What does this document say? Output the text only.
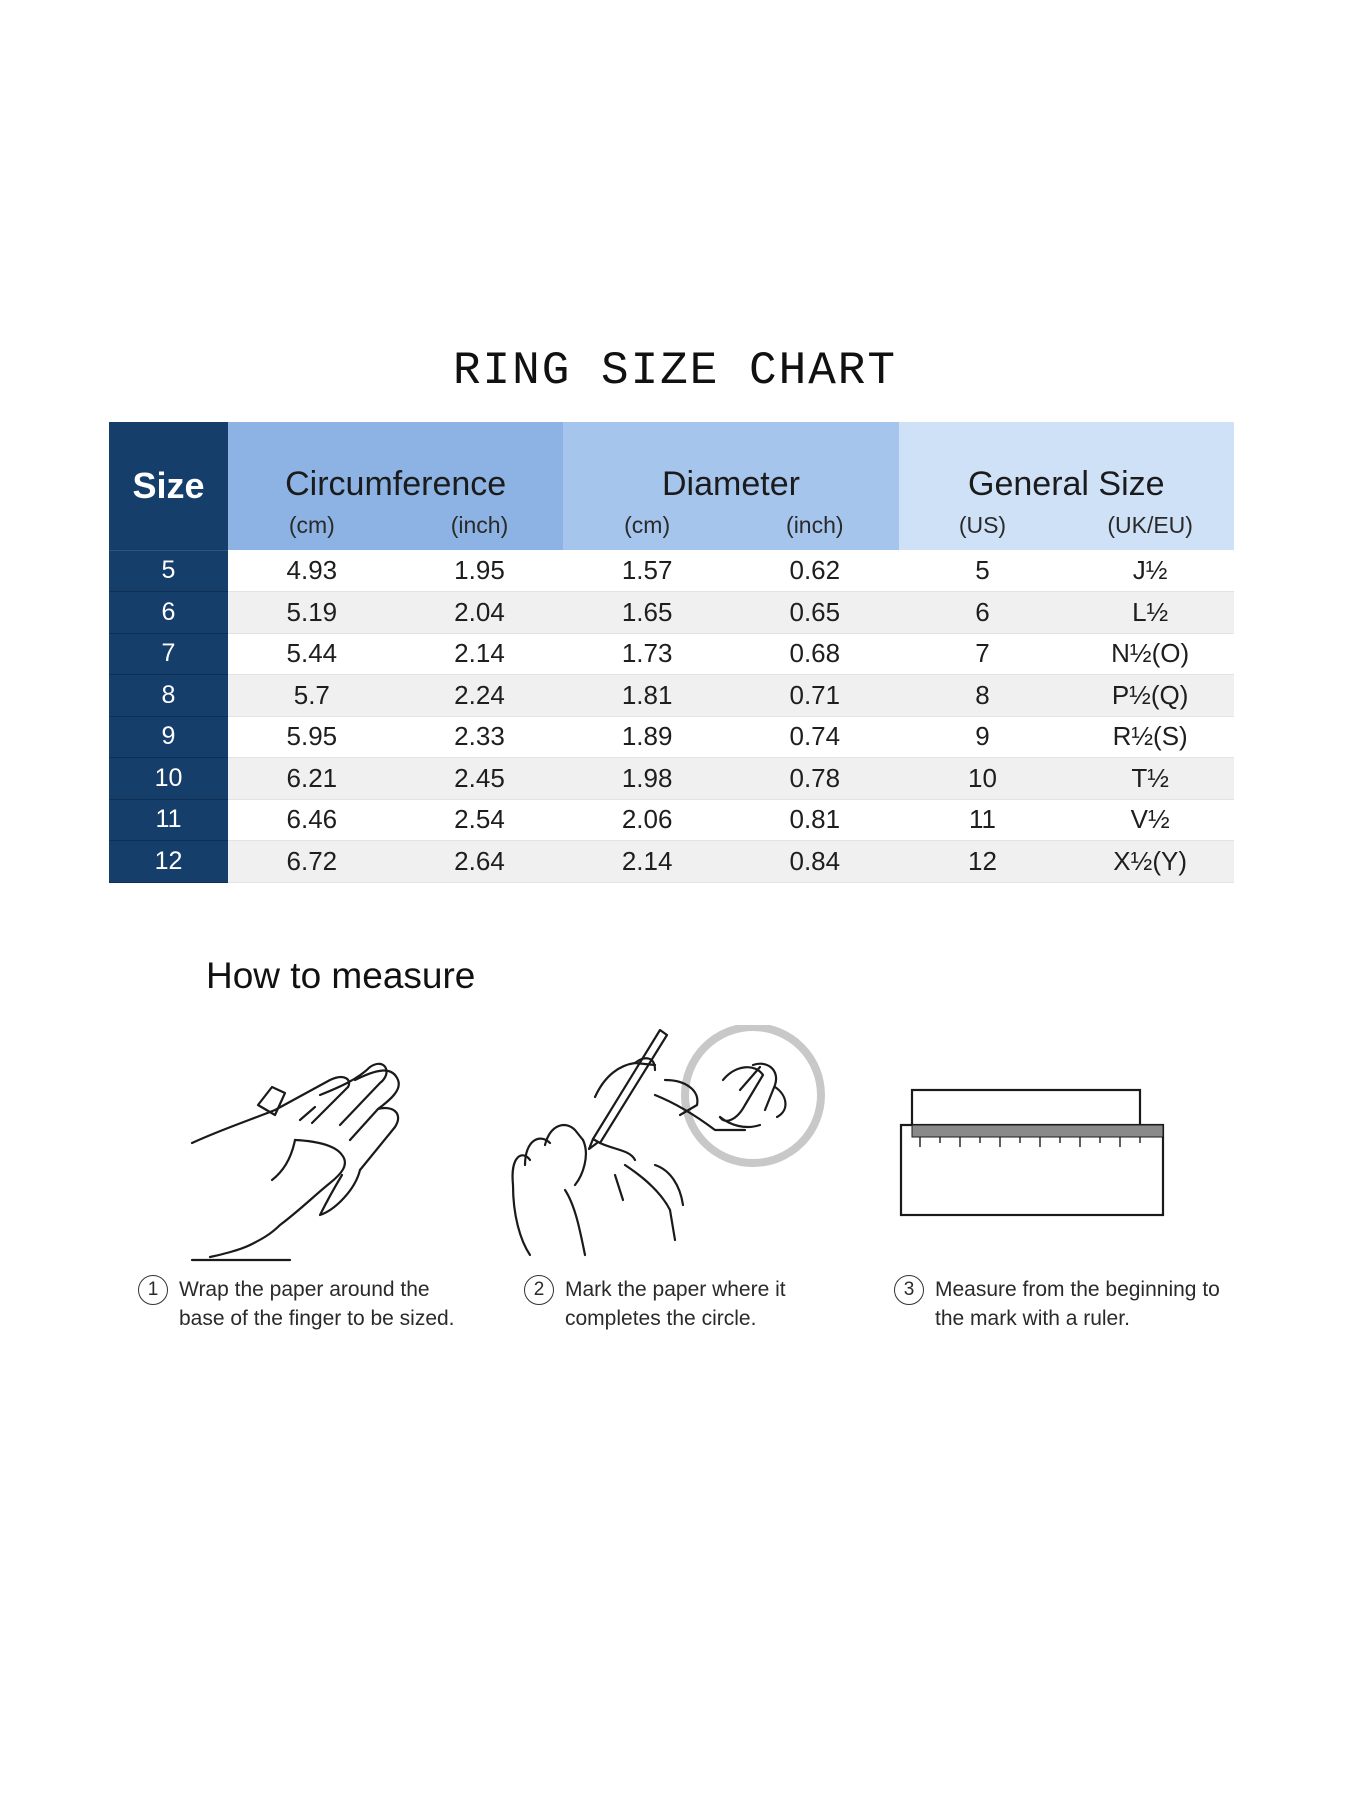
RING SIZE CHART
Size	Circumference		Diameter		General Size	
	(cm)	(inch)	(cm)	(inch)	(US)	(UK/EU)
5	4.93	1.95	1.57	0.62	5	J½
6	5.19	2.04	1.65	0.65	6	L½
7	5.44	2.14	1.73	0.68	7	N½(O)
8	5.7	2.24	1.81	0.71	8	P½(Q)
9	5.95	2.33	1.89	0.74	9	R½(S)
10	6.21	2.45	1.98	0.78	10	T½
11	6.46	2.54	2.06	0.81	11	V½
12	6.72	2.64	2.14	0.84	12	X½(Y)
How to measure
1 Wrap the paper around the
base of the finger to be sized.
2 Mark the paper where it
completes the circle.
3 Measure from the beginning to
the mark with a ruler.
